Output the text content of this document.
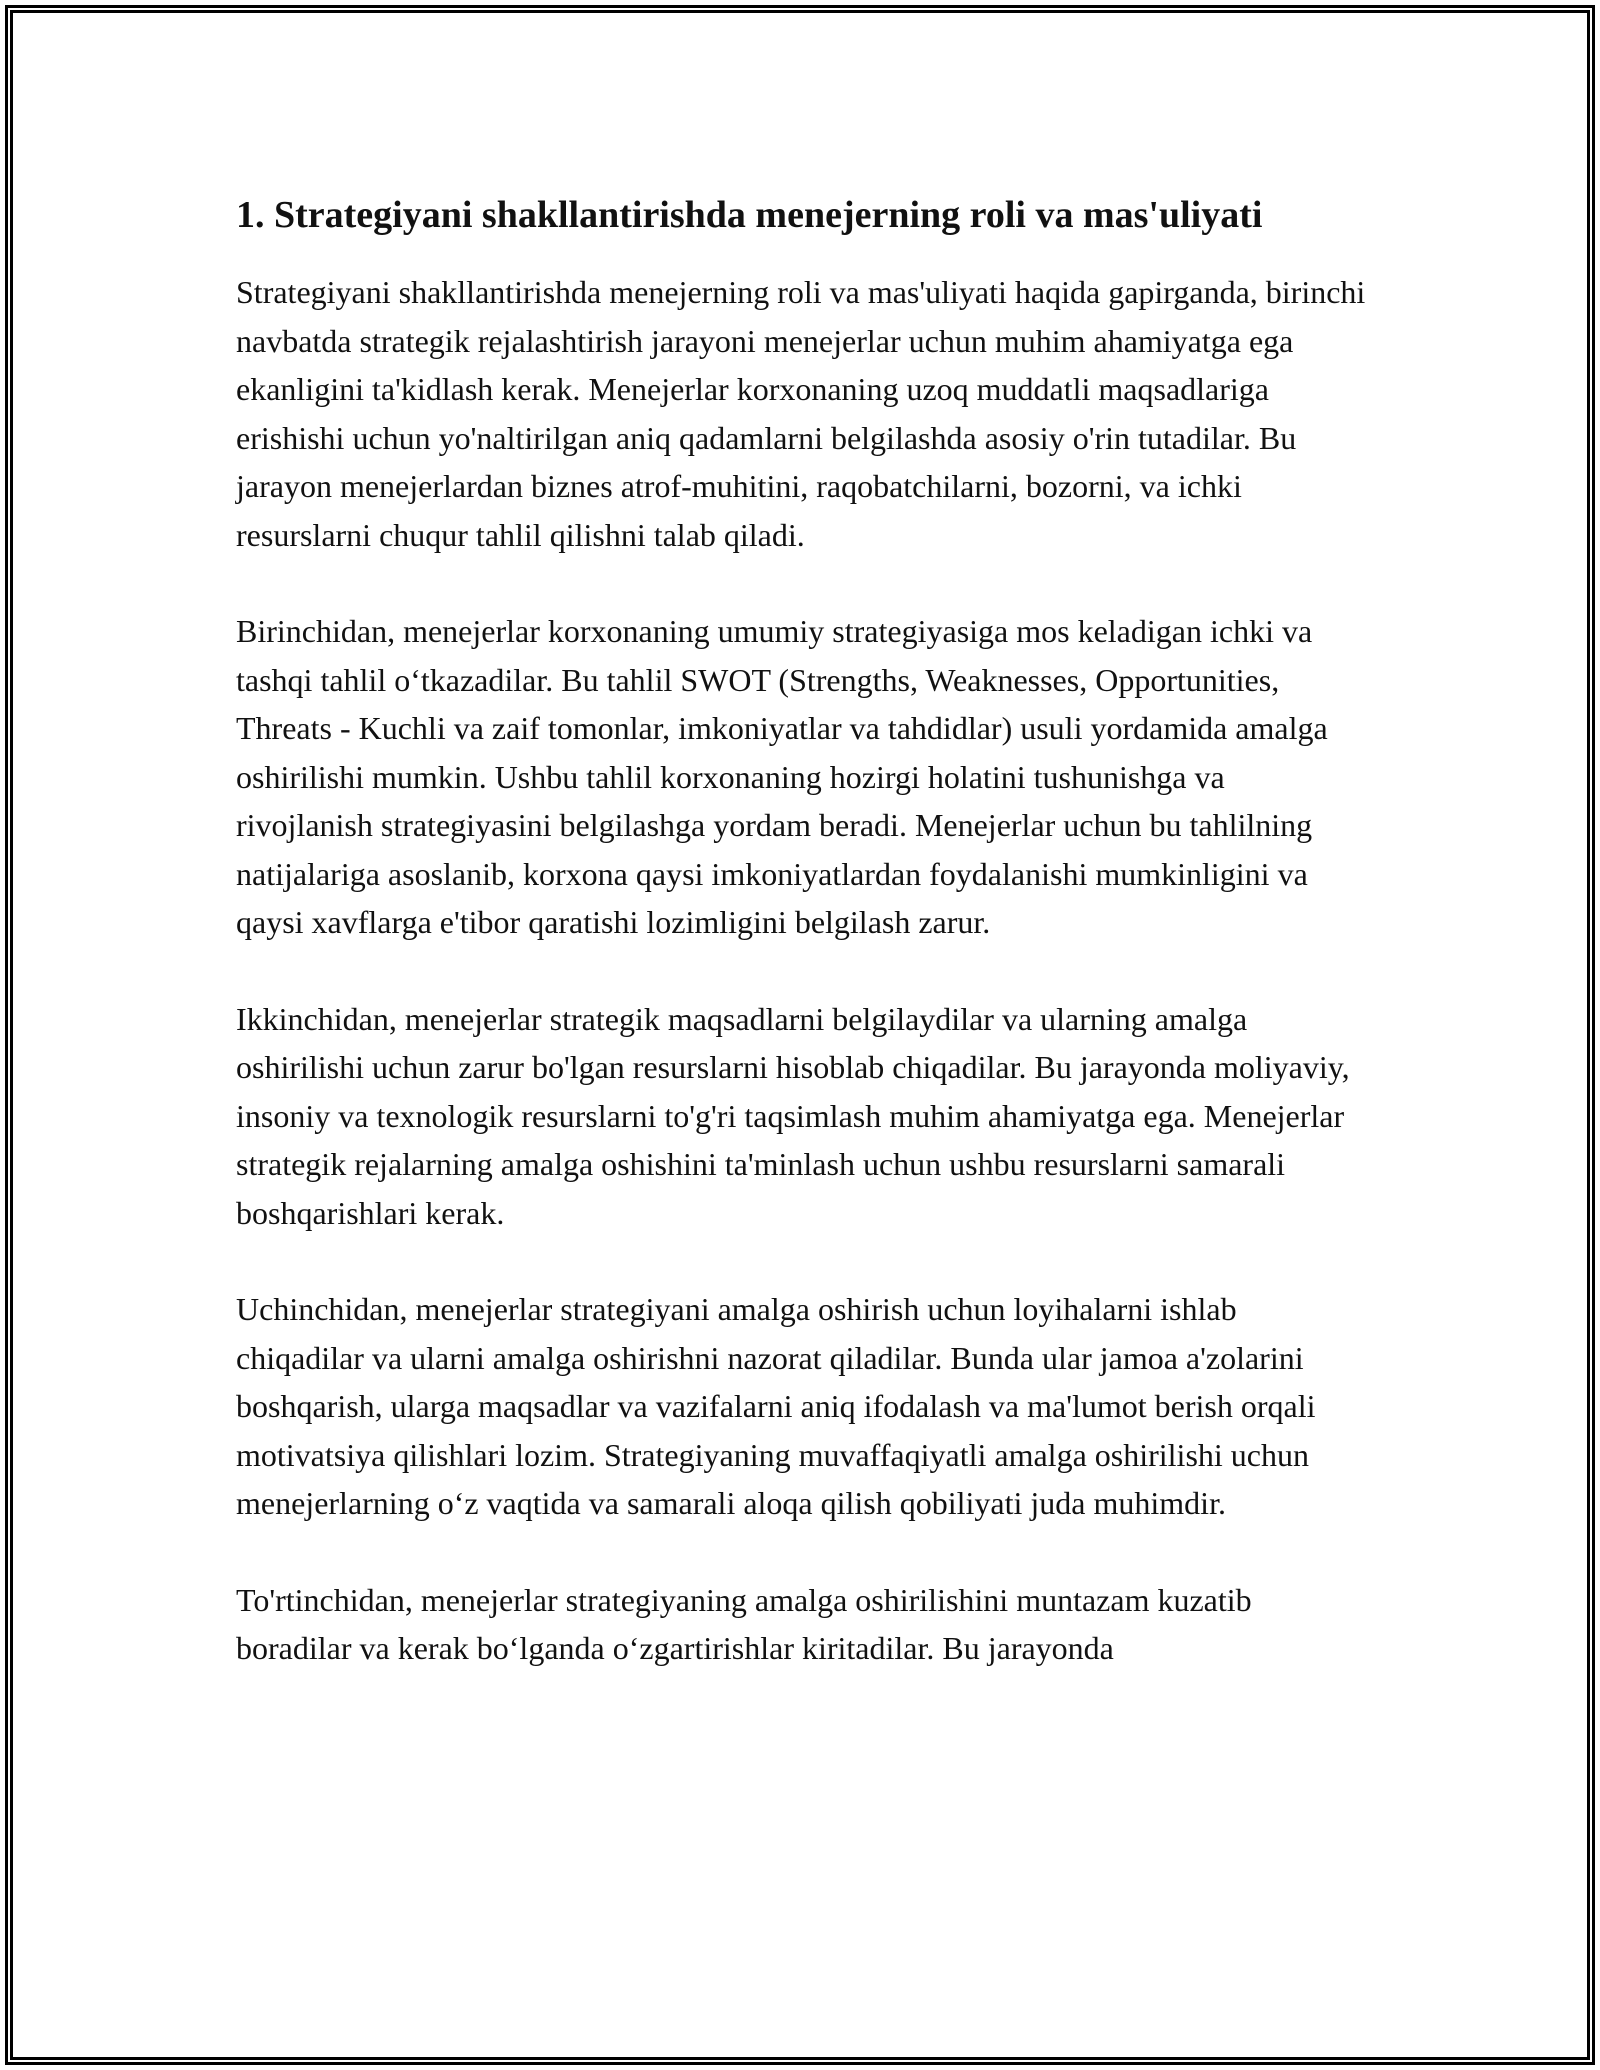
1. Strategiyani shakllantirishda menejerning roli va mas'uliyati

Strategiyani shakllantirishda menejerning roli va mas'uliyati haqida gapirganda, birinchi navbatda strategik rejalashtirish jarayoni menejerlar uchun muhim ahamiyatga ega ekanligini ta'kidlash kerak. Menejerlar korxonaning uzoq muddatli maqsadlariga erishishi uchun yo'naltirilgan aniq qadamlarni belgilashda asosiy o'rin tutadilar. Bu jarayon menejerlardan biznes atrof-muhitini, raqobatchilarni, bozorni, va ichki resurslarni chuqur tahlil qilishni talab qiladi.

Birinchidan, menejerlar korxonaning umumiy strategiyasiga mos keladigan ichki va tashqi tahlil o‘tkazadilar. Bu tahlil SWOT (Strengths, Weaknesses, Opportunities, Threats - Kuchli va zaif tomonlar, imkoniyatlar va tahdidlar) usuli yordamida amalga oshirilishi mumkin. Ushbu tahlil korxonaning hozirgi holatini tushunishga va rivojlanish strategiyasini belgilashga yordam beradi. Menejerlar uchun bu tahlilning natijalariga asoslanib, korxona qaysi imkoniyatlardan foydalanishi mumkinligini va qaysi xavflarga e'tibor qaratishi lozimligini belgilash zarur.

Ikkinchidan, menejerlar strategik maqsadlarni belgilaydilar va ularning amalga oshirilishi uchun zarur bo'lgan resurslarni hisoblab chiqadilar. Bu jarayonda moliyaviy, insoniy va texnologik resurslarni to'g'ri taqsimlash muhim ahamiyatga ega. Menejerlar strategik rejalarning amalga oshishini ta'minlash uchun ushbu resurslarni samarali boshqarishlari kerak.

Uchinchidan, menejerlar strategiyani amalga oshirish uchun loyihalarni ishlab chiqadilar va ularni amalga oshirishni nazorat qiladilar. Bunda ular jamoa a'zolarini boshqarish, ularga maqsadlar va vazifalarni aniq ifodalash va ma'lumot berish orqali motivatsiya qilishlari lozim. Strategiyaning muvaffaqiyatli amalga oshirilishi uchun menejerlarning o‘z vaqtida va samarali aloqa qilish qobiliyati juda muhimdir.

To'rtinchidan, menejerlar strategiyaning amalga oshirilishini muntazam kuzatib boradilar va kerak bo‘lganda o‘zgartirishlar kiritadilar. Bu jarayonda
